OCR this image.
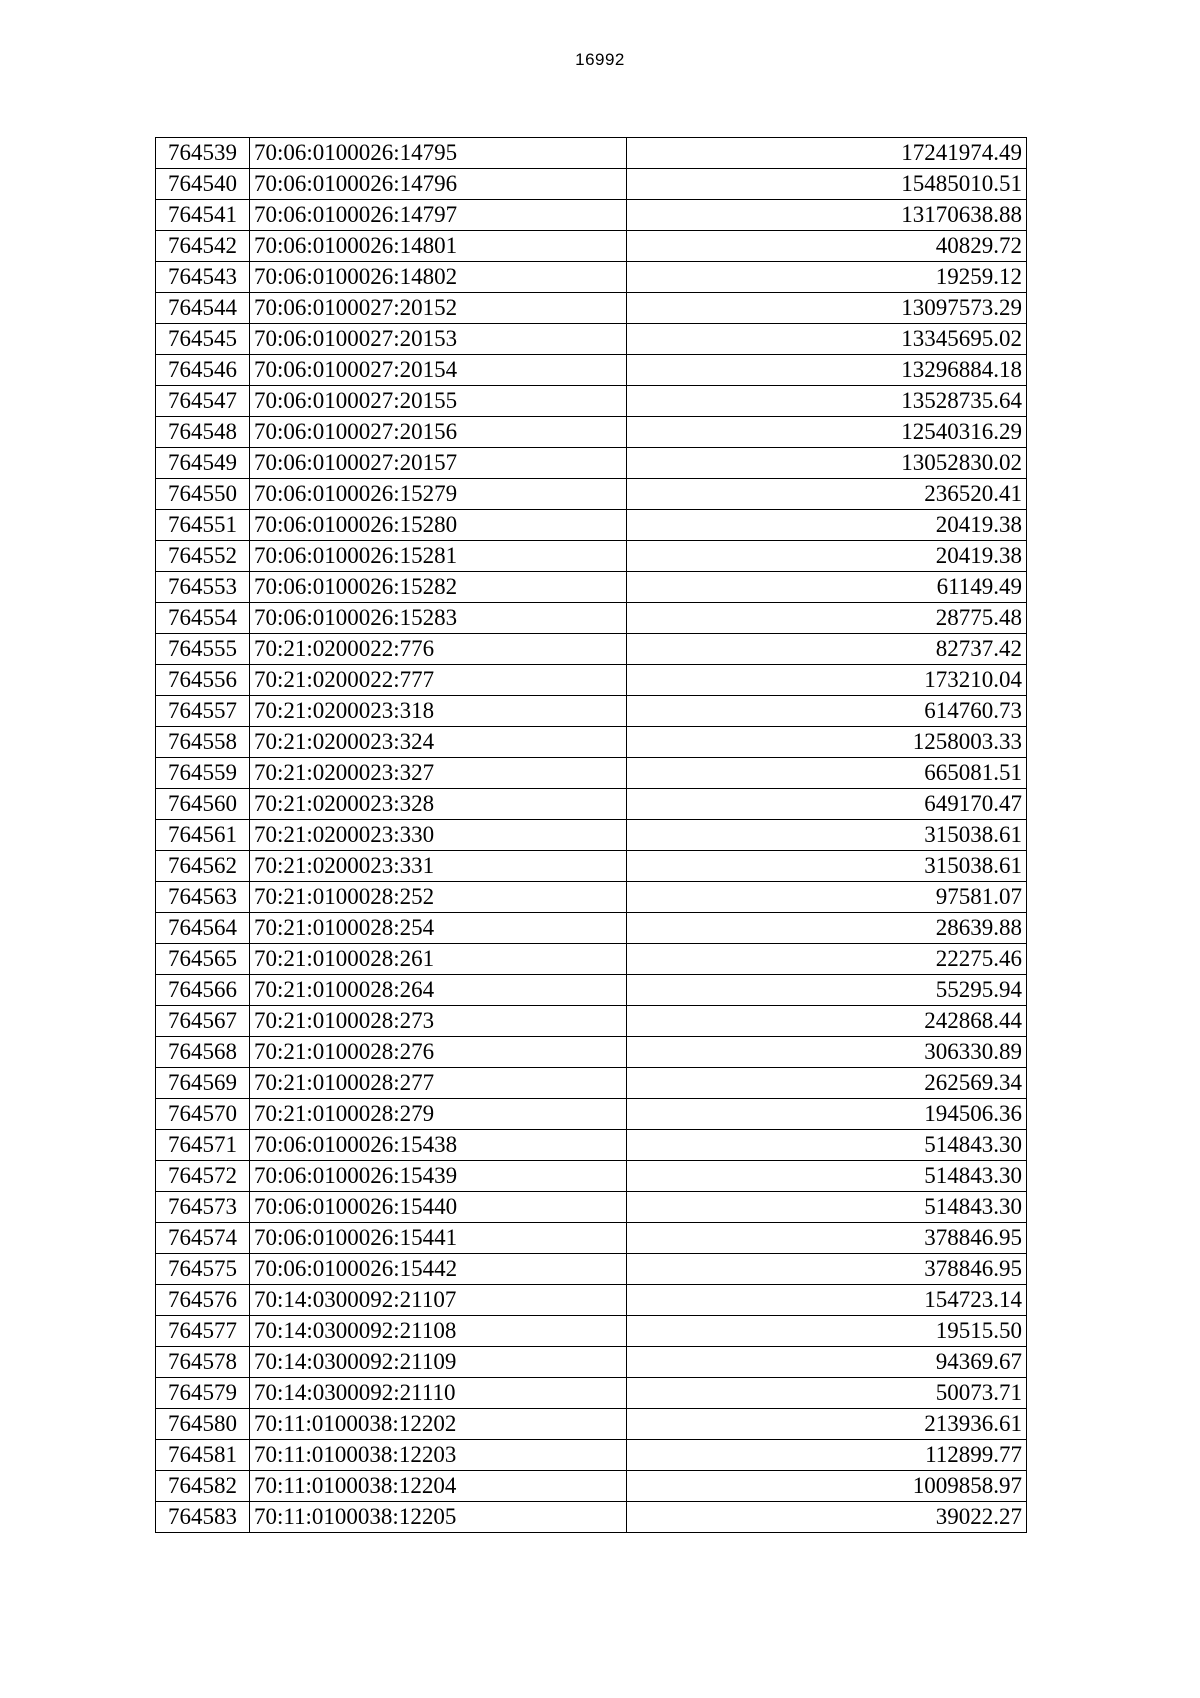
16992
764539	70:06:0100026:14795	17241974.49
764540	70:06:0100026:14796	15485010.51
764541	70:06:0100026:14797	13170638.88
764542	70:06:0100026:14801	40829.72
764543	70:06:0100026:14802	19259.12
764544	70:06:0100027:20152	13097573.29
764545	70:06:0100027:20153	13345695.02
764546	70:06:0100027:20154	13296884.18
764547	70:06:0100027:20155	13528735.64
764548	70:06:0100027:20156	12540316.29
764549	70:06:0100027:20157	13052830.02
764550	70:06:0100026:15279	236520.41
764551	70:06:0100026:15280	20419.38
764552	70:06:0100026:15281	20419.38
764553	70:06:0100026:15282	61149.49
764554	70:06:0100026:15283	28775.48
764555	70:21:0200022:776	82737.42
764556	70:21:0200022:777	173210.04
764557	70:21:0200023:318	614760.73
764558	70:21:0200023:324	1258003.33
764559	70:21:0200023:327	665081.51
764560	70:21:0200023:328	649170.47
764561	70:21:0200023:330	315038.61
764562	70:21:0200023:331	315038.61
764563	70:21:0100028:252	97581.07
764564	70:21:0100028:254	28639.88
764565	70:21:0100028:261	22275.46
764566	70:21:0100028:264	55295.94
764567	70:21:0100028:273	242868.44
764568	70:21:0100028:276	306330.89
764569	70:21:0100028:277	262569.34
764570	70:21:0100028:279	194506.36
764571	70:06:0100026:15438	514843.30
764572	70:06:0100026:15439	514843.30
764573	70:06:0100026:15440	514843.30
764574	70:06:0100026:15441	378846.95
764575	70:06:0100026:15442	378846.95
764576	70:14:0300092:21107	154723.14
764577	70:14:0300092:21108	19515.50
764578	70:14:0300092:21109	94369.67
764579	70:14:0300092:21110	50073.71
764580	70:11:0100038:12202	213936.61
764581	70:11:0100038:12203	112899.77
764582	70:11:0100038:12204	1009858.97
764583	70:11:0100038:12205	39022.27
